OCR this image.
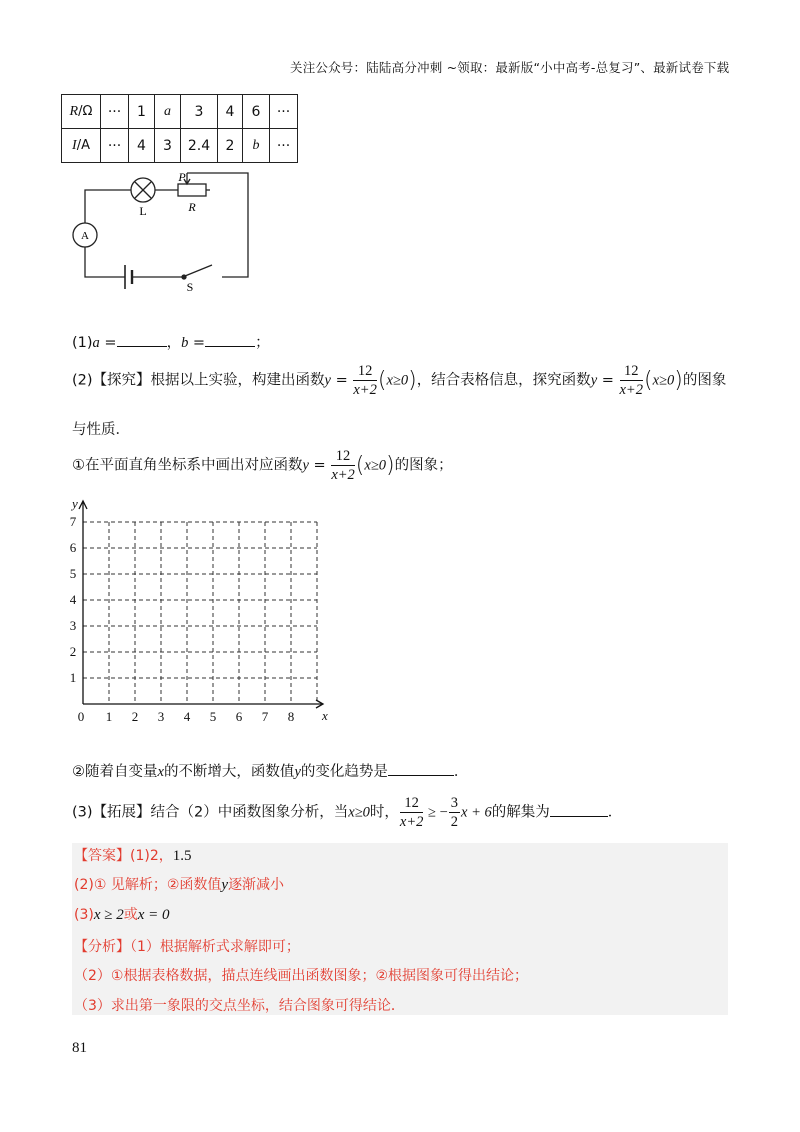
关注公众号：陆陆高分冲刺 ~领取：最新版“小中高考-总复习”、最新试卷下载
R/Ω	···	1	a	3	4	6	···
I/A	···	4	3	2.4	2	b	···
L
P
R
A
S
(1)a =	，b =	；
(2)【探究】根据以上实验，构建出函数$y = \frac{12}{x+2} (x\ge 0)$，结合表格信息，探究函数$y = \frac{12}{x+2} (x\ge 0)$的图象
与性质．
①在平面直角坐标系中画出对应函数$y = \frac{12}{x+2} (x\ge 0)$的图象；
y
x
0 1 2 3 4 5 6 7 8
1
2
3
4
5
6
7
②随着自变量x的不断增大，函数值y的变化趋势是	．
(3)【拓展】结合（2）中函数图象分析，当x≥0时， $\frac{12}{x+2}$ ≥ − $\frac{3}{2}$ x + 6的解集为	．
【答案】(1)2，1.5
(2)① 见解析；②函数值y逐渐减小
(3)x ≥ 2或x = 0
【分析】（1）根据解析式求解即可；
（2）①根据表格数据，描点连线画出函数图象；②根据图象可得出结论；
（3）求出第一象限的交点坐标，结合图象可得结论．
81
